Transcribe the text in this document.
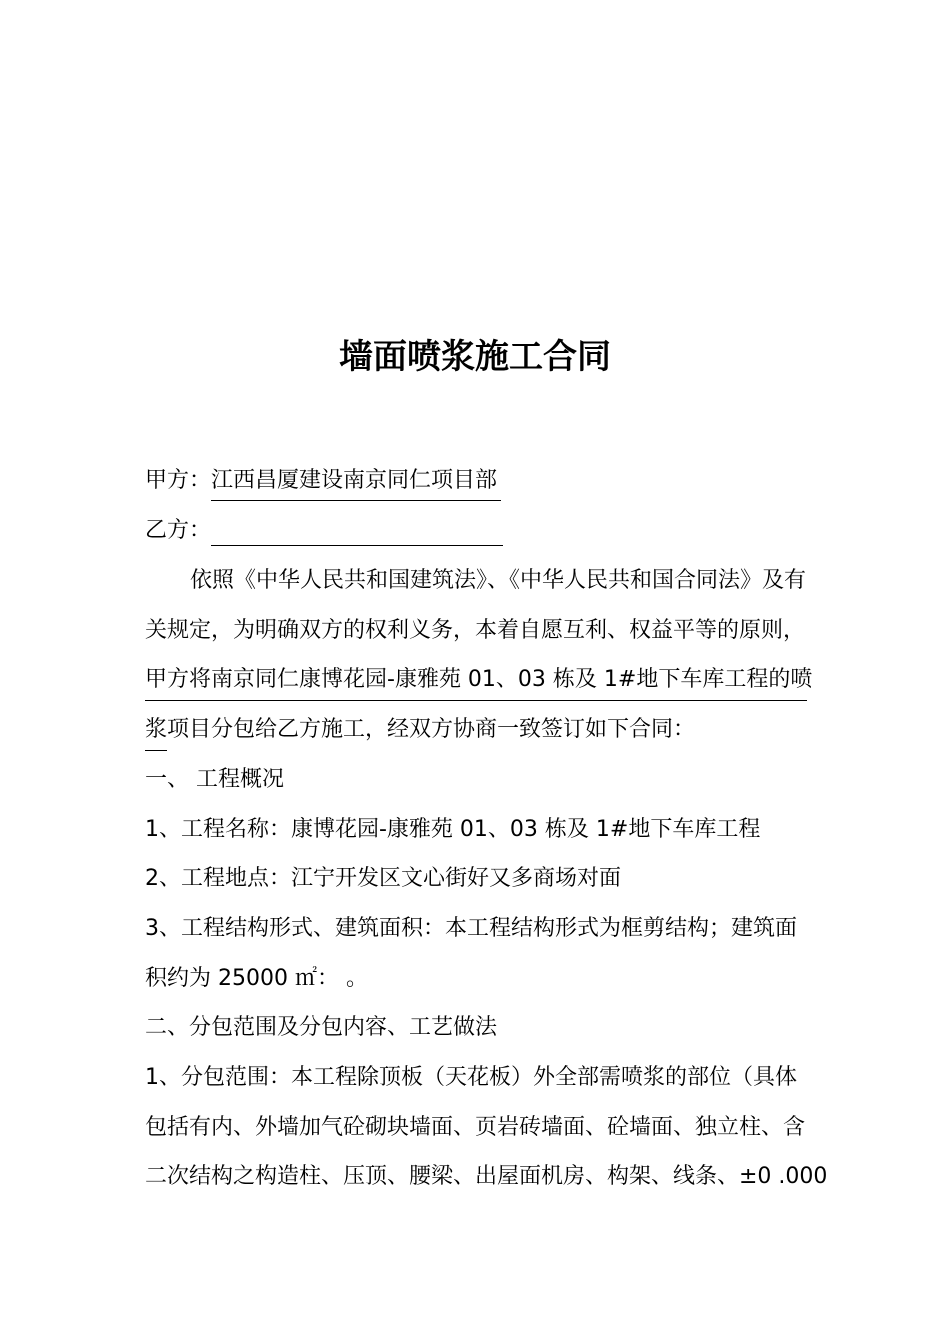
墙面喷浆施工合同
甲方：江西昌厦建设南京同仁项目部
乙方：
依照《中华人民共和国建筑法》、《中华人民共和国合同法》及有
关规定，为明确双方的权利义务，本着自愿互利、权益平等的原则，
甲方将南京同仁康博花园-康雅苑 01、03 栋及 1#地下车库工程的喷
浆项目分包给乙方施工，经双方协商一致签订如下合同：
一、 工程概况
1、工程名称：康博花园-康雅苑 01、03 栋及 1#地下车库工程
2、工程地点：江宁开发区文心街好又多商场对面
3、工程结构形式、建筑面积：本工程结构形式为框剪结构；建筑面
积约为 25000 ㎡： 。
二、分包范围及分包内容、工艺做法
1、分包范围：本工程除顶板（天花板）外全部需喷浆的部位（具体
包括有内、外墙加气砼砌块墙面、页岩砖墙面、砼墙面、独立柱、含
二次结构之构造柱、压顶、腰梁、出屋面机房、构架、线条、±0 .000
